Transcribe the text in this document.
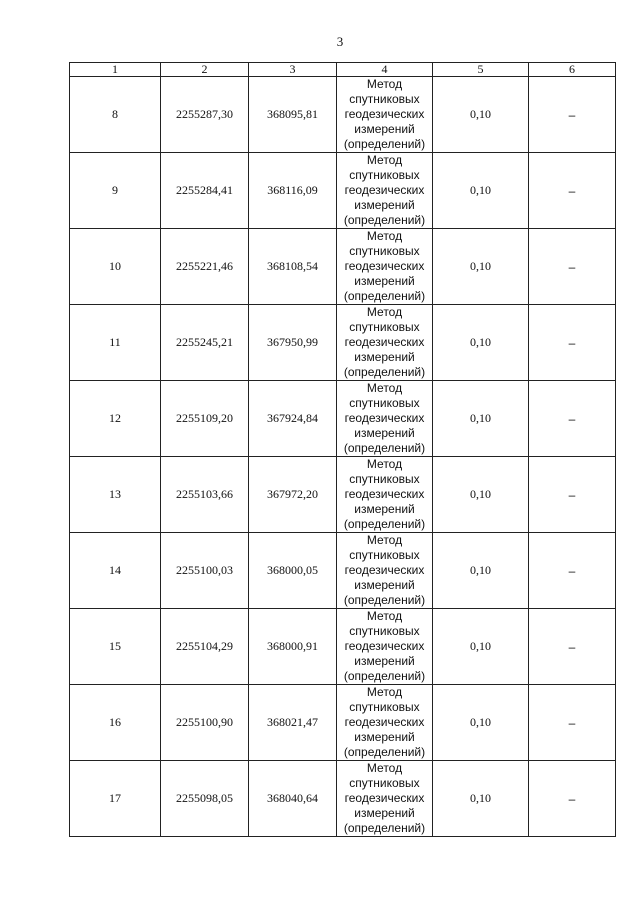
3
1	2	3	4	5	6
8	2255287,30	368095,81	Метод
спутниковых
геодезических
измерений
(определений)	0,10	–
9	2255284,41	368116,09	Метод
спутниковых
геодезических
измерений
(определений)	0,10	–
10	2255221,46	368108,54	Метод
спутниковых
геодезических
измерений
(определений)	0,10	–
11	2255245,21	367950,99	Метод
спутниковых
геодезических
измерений
(определений)	0,10	–
12	2255109,20	367924,84	Метод
спутниковых
геодезических
измерений
(определений)	0,10	–
13	2255103,66	367972,20	Метод
спутниковых
геодезических
измерений
(определений)	0,10	–
14	2255100,03	368000,05	Метод
спутниковых
геодезических
измерений
(определений)	0,10	–
15	2255104,29	368000,91	Метод
спутниковых
геодезических
измерений
(определений)	0,10	–
16	2255100,90	368021,47	Метод
спутниковых
геодезических
измерений
(определений)	0,10	–
17	2255098,05	368040,64	Метод
спутниковых
геодезических
измерений
(определений)	0,10	–
